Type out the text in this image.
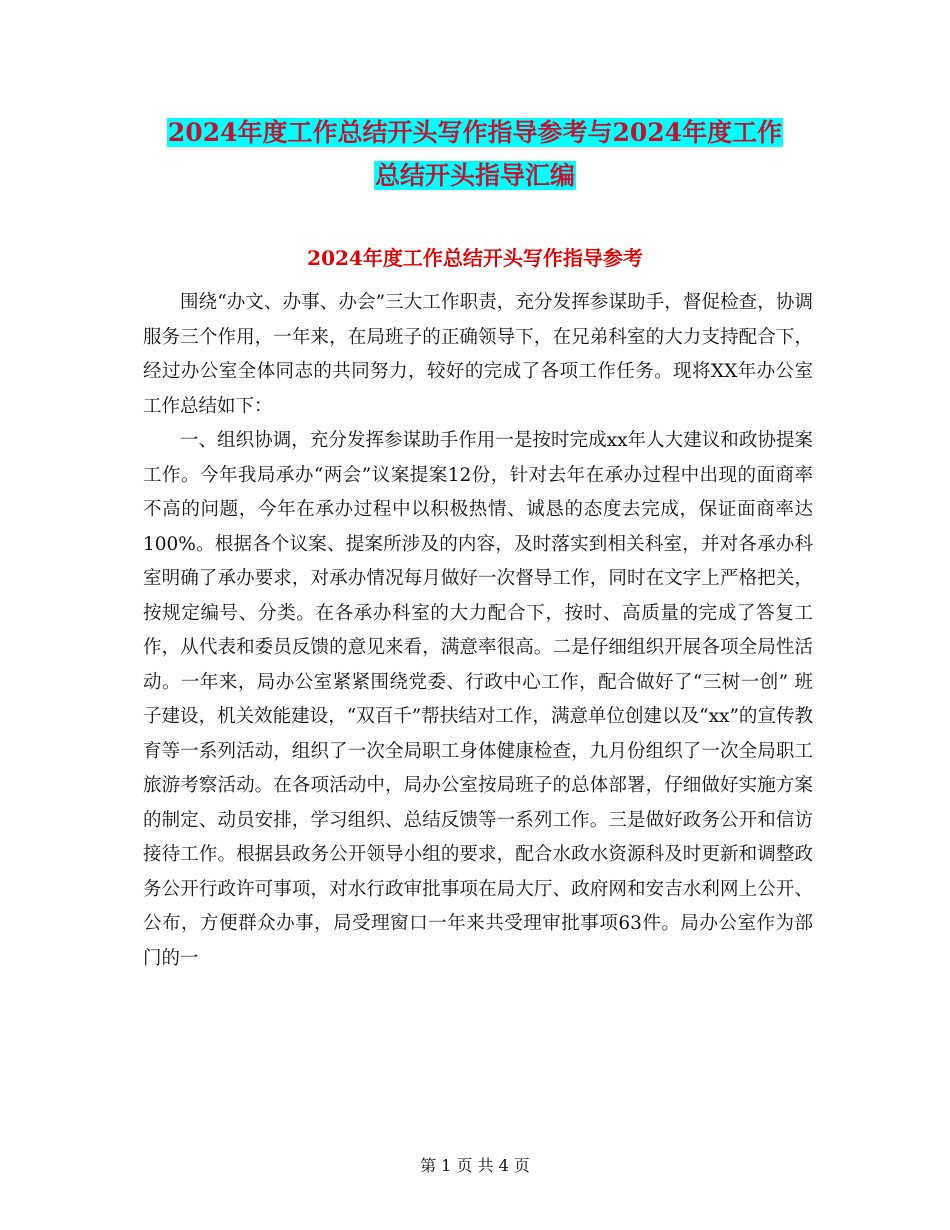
2024年度工作总结开头写作指导参考与2024年度工作
总结开头指导汇编
2024年度工作总结开头写作指导参考

围绕“办文、办事、办会”三大工作职责，充分发挥参谋助手，督促检查，协调服务三个作用，一年来，在局班子的正确领导下，在兄弟科室的大力支持配合下，经过办公室全体同志的共同努力，较好的完成了各项工作任务。现将XX年办公室工作总结如下：

一、组织协调，充分发挥参谋助手作用一是按时完成xx年人大建议和政协提案工作。今年我局承办“两会”议案提案12份，针对去年在承办过程中出现的面商率不高的问题，今年在承办过程中以积极热情、诚恳的态度去完成，保证面商率达100%。根据各个议案、提案所涉及的内容，及时落实到相关科室，并对各承办科室明确了承办要求，对承办情况每月做好一次督导工作，同时在文字上严格把关，按规定编号、分类。在各承办科室的大力配合下，按时、高质量的完成了答复工作，从代表和委员反馈的意见来看，满意率很高。二是仔细组织开展各项全局性活动。一年来，局办公室紧紧围绕党委、行政中心工作，配合做好了“三树一创” 班子建设，机关效能建设，“双百千”帮扶结对工作，满意单位创建以及“xx”的宣传教育等一系列活动，组织了一次全局职工身体健康检查，九月份组织了一次全局职工旅游考察活动。在各项活动中，局办公室按局班子的总体部署，仔细做好实施方案的制定、动员安排，学习组织、总结反馈等一系列工作。三是做好政务公开和信访接待工作。根据县政务公开领导小组的要求，配合水政水资源科及时更新和调整政务公开行政许可事项，对水行政审批事项在局大厅、政府网和安吉水利网上公开、公布，方便群众办事，局受理窗口一年来共受理审批事项63件。局办公室作为部门的一

第 1 页 共 4 页
